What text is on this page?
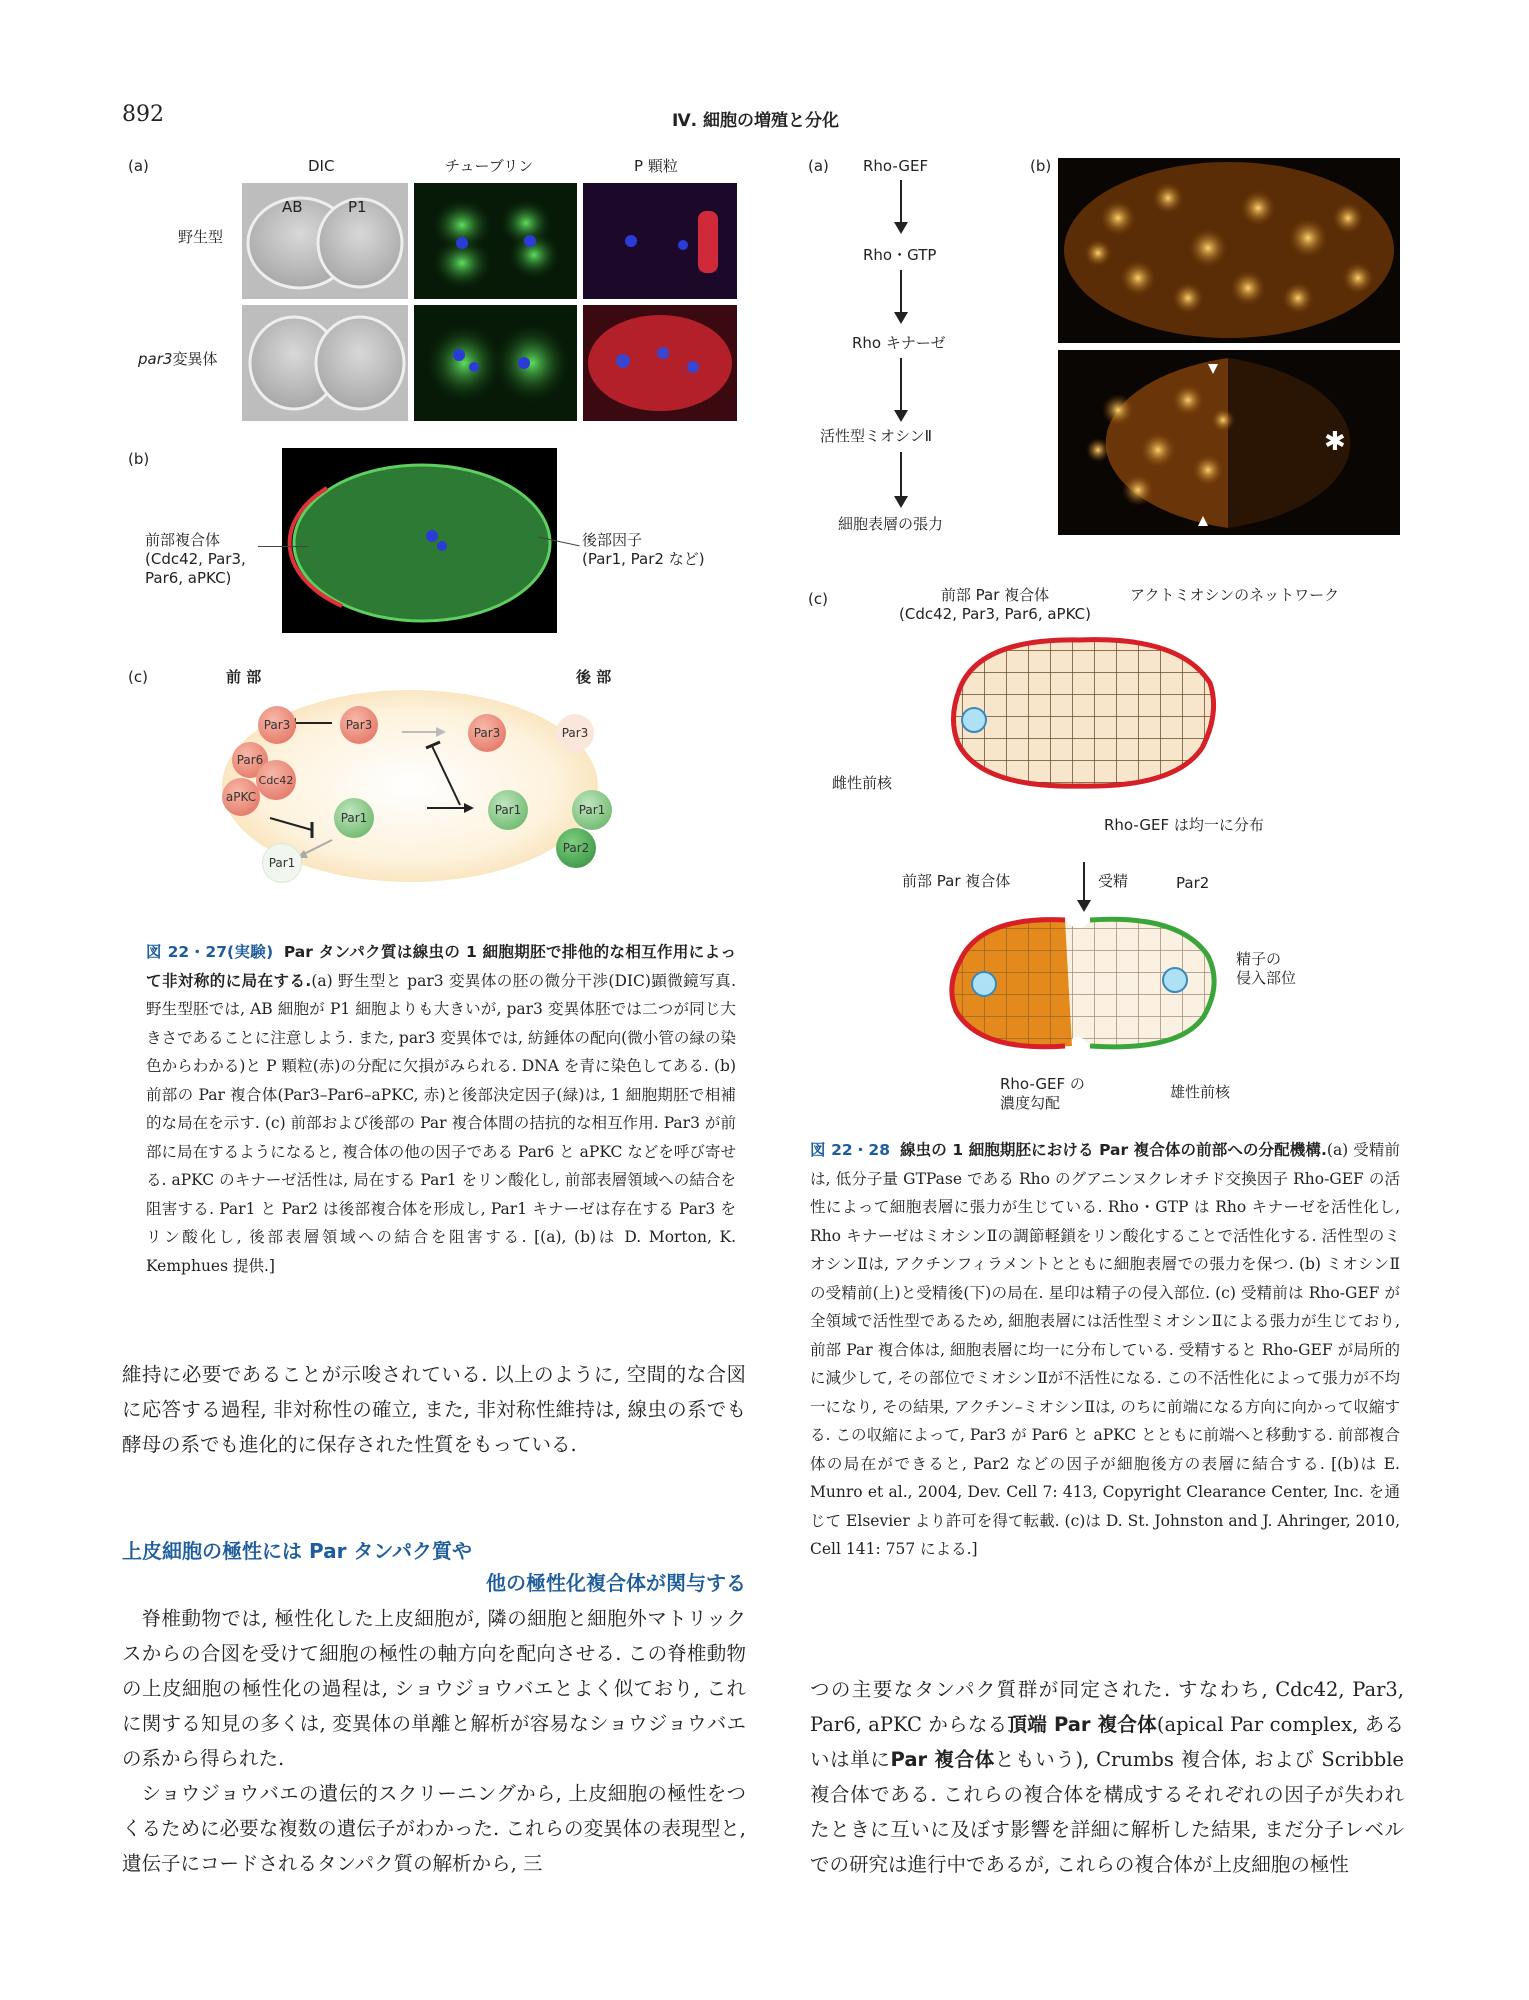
892	Ⅳ. 細胞の増殖と分化
(a)	DIC	チューブリン	P 顆粒
野生型
par3変異体
AB	P1
(b)
前部複合体
(Cdc42, Par3,
Par6, aPKC)
後部因子
(Par1, Par2 など)
(c)	前 部	後 部
Par3	Par3
Par6
Cdc42
aPKC
Par1
Par1
Par3	Par3
Par1	Par1
Par2
図 22・27(実験) Par タンパク質は線虫の 1 細胞期胚で排他的な相互作用によって非対称的に局在する.(a) 野生型と par3 変異体の胚の微分干渉(DIC)顕微鏡写真. 野生型胚では, AB 細胞が P1 細胞よりも大きいが, par3 変異体胚では二つが同じ大きさであることに注意しよう. また, par3 変異体では, 紡錘体の配向(微小管の緑の染色からわかる)と P 顆粒(赤)の分配に欠損がみられる. DNA を青に染色してある. (b) 前部の Par 複合体(Par3–Par6–aPKC, 赤)と後部決定因子(緑)は, 1 細胞期胚で相補的な局在を示す. (c) 前部および後部の Par 複合体間の拮抗的な相互作用. Par3 が前部に局在するようになると, 複合体の他の因子である Par6 と aPKC などを呼び寄せる. aPKC のキナーゼ活性は, 局在する Par1 をリン酸化し, 前部表層領域への結合を阻害する. Par1 と Par2 は後部複合体を形成し, Par1 キナーゼは存在する Par3 をリン酸化し, 後部表層領域への結合を阻害する. [(a), (b)は D. Morton, K. Kemphues 提供.]
(a) Rho-GEF
Rho・GTP
Rho キナーゼ
活性型ミオシンⅡ
細胞表層の張力
(b)
✱
(c)	前部 Par 複合体
(Cdc42, Par3, Par6, aPKC)
アクトミオシンのネットワーク
雌性前核
Rho-GEF は均一に分布
前部 Par 複合体	受精	Par2
精子の
侵入部位
Rho-GEF の
濃度勾配
雄性前核
図 22・28 線虫の 1 細胞期胚における Par 複合体の前部への分配機構.(a) 受精前は, 低分子量 GTPase である Rho のグアニンヌクレオチド交換因子 Rho-GEF の活性によって細胞表層に張力が生じている. Rho・GTP は Rho キナーゼを活性化し, Rho キナーゼはミオシンⅡの調節軽鎖をリン酸化することで活性化する. 活性型のミオシンⅡは, アクチンフィラメントとともに細胞表層での張力を保つ. (b) ミオシンⅡの受精前(上)と受精後(下)の局在. 星印は精子の侵入部位. (c) 受精前は Rho-GEF が全領域で活性型であるため, 細胞表層には活性型ミオシンⅡによる張力が生じており, 前部 Par 複合体は, 細胞表層に均一に分布している. 受精すると Rho-GEF が局所的に減少して, その部位でミオシンⅡが不活性になる. この不活性化によって張力が不均一になり, その結果, アクチン–ミオシンⅡは, のちに前端になる方向に向かって収縮する. この収縮によって, Par3 が Par6 と aPKC とともに前端へと移動する. 前部複合体の局在ができると, Par2 などの因子が細胞後方の表層に結合する. [(b)は E. Munro et al., 2004, Dev. Cell 7: 413, Copyright Clearance Center, Inc. を通じて Elsevier より許可を得て転載. (c)は D. St. Johnston and J. Ahringer, 2010, Cell 141: 757 による.]
維持に必要であることが示唆されている. 以上のように, 空間的な合図に応答する過程, 非対称性の確立, また, 非対称性維持は, 線虫の系でも酵母の系でも進化的に保存された性質をもっている.
上皮細胞の極性には Par タンパク質や
他の極性化複合体が関与する

脊椎動物では, 極性化した上皮細胞が, 隣の細胞と細胞外マトリックスからの合図を受けて細胞の極性の軸方向を配向させる. この脊椎動物の上皮細胞の極性化の過程は, ショウジョウバエとよく似ており, これに関する知見の多くは, 変異体の単離と解析が容易なショウジョウバエの系から得られた.

ショウジョウバエの遺伝的スクリーニングから, 上皮細胞の極性をつくるために必要な複数の遺伝子がわかった. これらの変異体の表現型と, 遺伝子にコードされるタンパク質の解析から, 三

つの主要なタンパク質群が同定された. すなわち, Cdc42, Par3, Par6, aPKC からなる頂端 Par 複合体(apical Par complex, あるいは単にPar 複合体ともいう), Crumbs 複合体, および Scribble 複合体である. これらの複合体を構成するそれぞれの因子が失われたときに互いに及ぼす影響を詳細に解析した結果, まだ分子レベルでの研究は進行中であるが, これらの複合体が上皮細胞の極性
